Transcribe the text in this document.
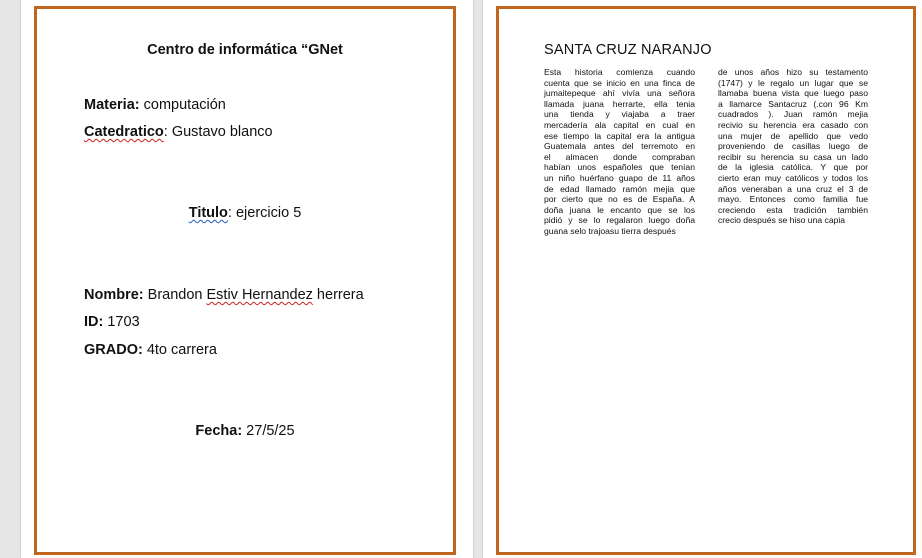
Centro de informática “GNet
Materia: computación
Catedratico: Gustavo blanco
Titulo: ejercicio 5
Nombre: Brandon Estiv Hernandez herrera
ID: 1703
GRADO: 4to carrera
Fecha: 27/5/25
SANTA CRUZ NARANJO
Esta historia comienza cuando
cuenta que se inicio en una finca de
jumaitepeque ahí vivía una señora
llamada juana herrarte, ella tenia
una tienda y viajaba a traer
mercadería ala capital en cual en
ese tiempo la capital era la antigua
Guatemala antes del terremoto en
el almacen donde compraban
habían unos españoles que tenían
un niño huérfano guapo de 11 años
de edad llamado ramón mejia que
por cierto que no es de España. A
doña juana le encanto que se los
pidió y se lo regalaron luego doña
guana selo trajoasu tierra después
de unos años hizo su testamento
(1747) y le regalo un lugar que se
llamaba buena vista que luego paso
a llamarce Santacruz (.con 96 Km
cuadrados ). Juan ramón mejia
recivio su herencia era casado con
una mujer de apellido que vedo
proveniendo de casillas luego de
recibir su herencia su casa un lado
de la iglesia católica. Y que por
cierto eran muy católicos y todos los
años veneraban a una cruz el 3 de
mayo. Entonces como familia fue
creciendo esta tradición también
crecio después se hiso una capia
